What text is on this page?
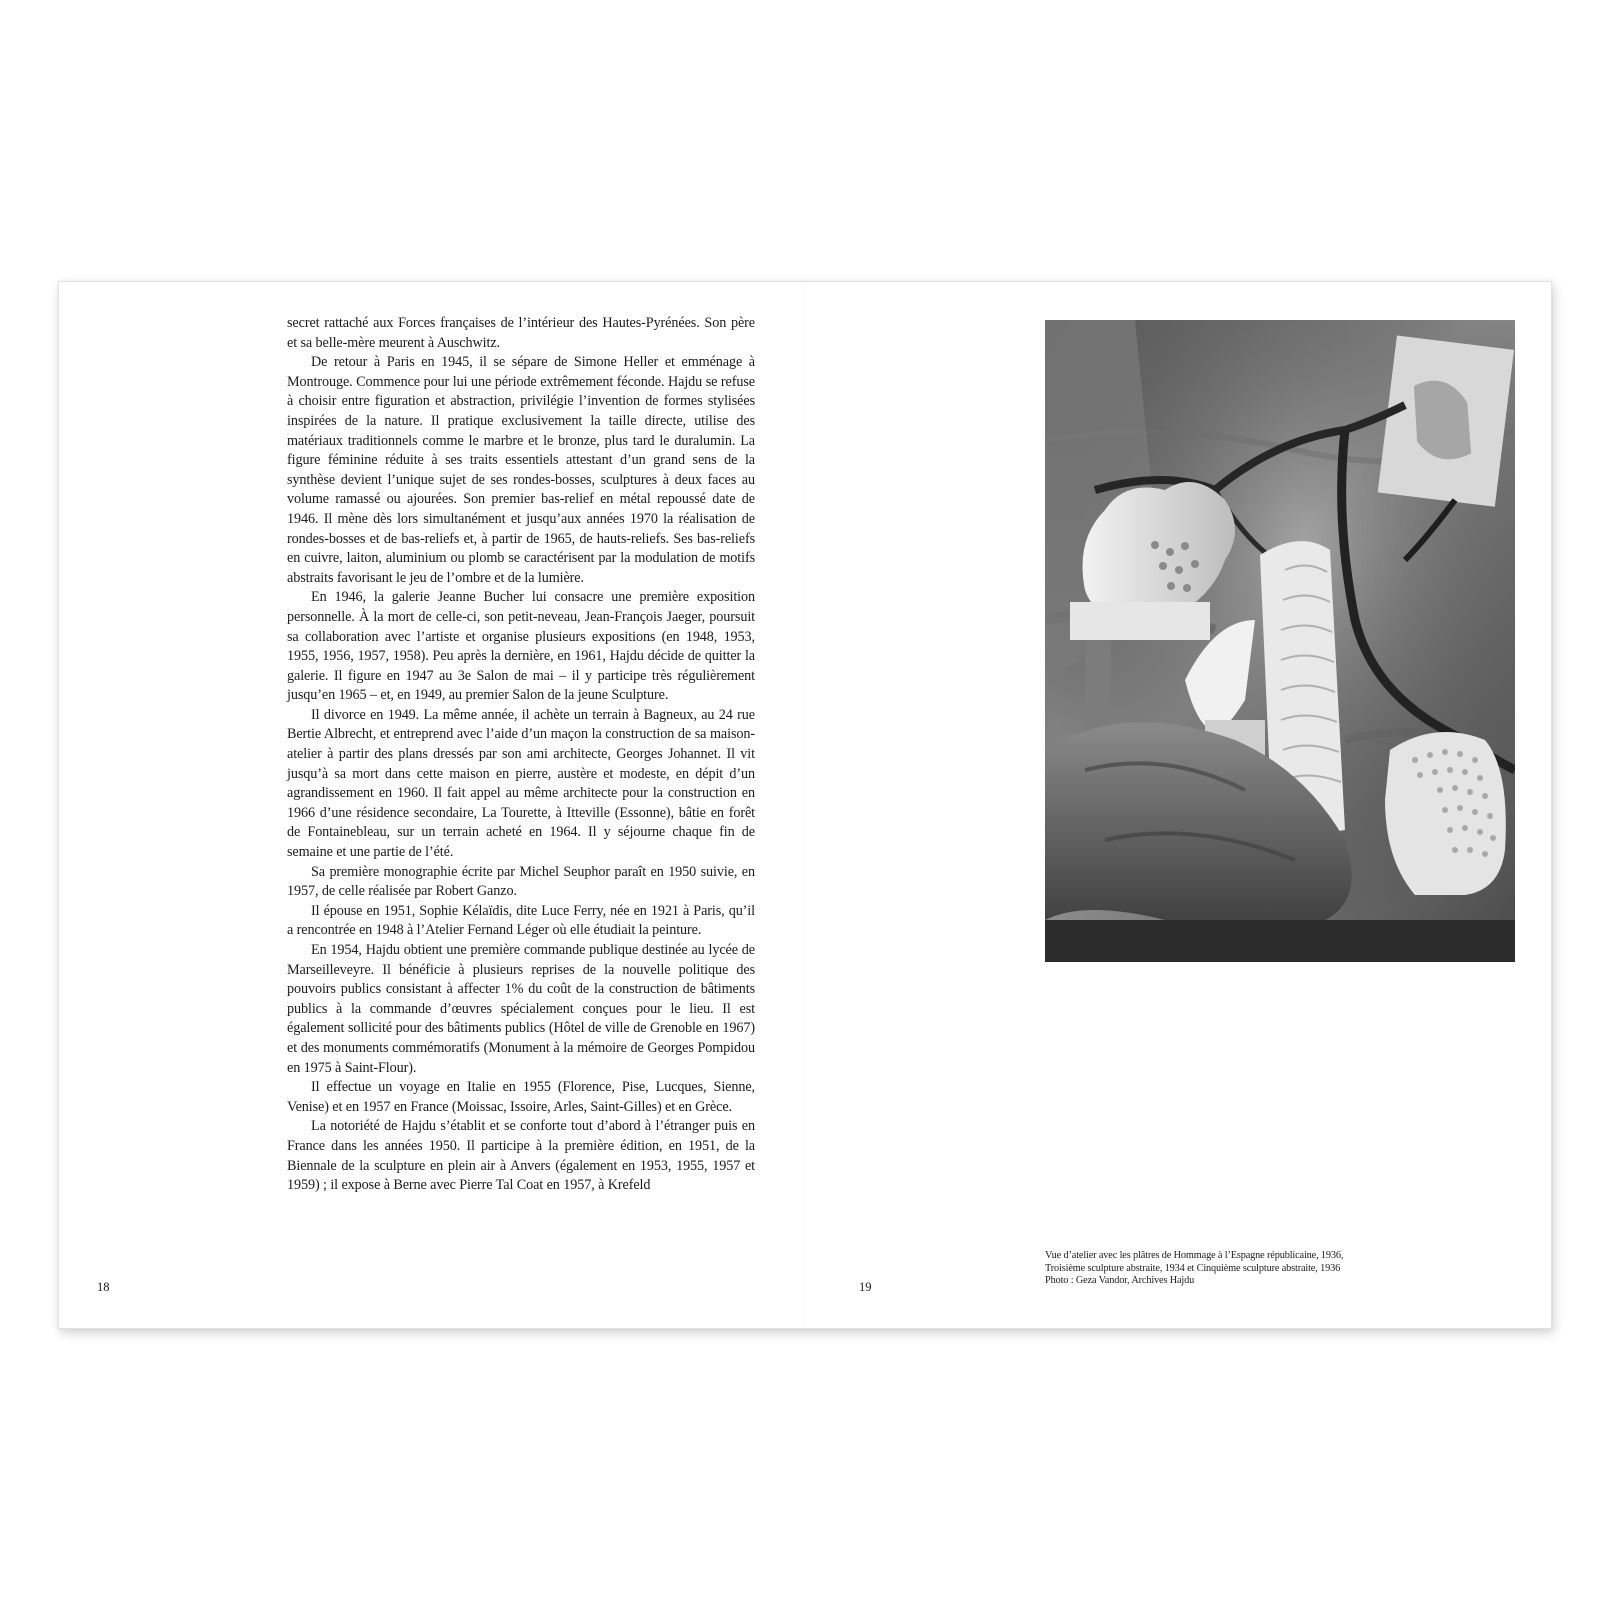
secret rattaché aux Forces françaises de l’intérieur des Hautes-Pyrénées. Son père et sa belle-mère meurent à Auschwitz.

De retour à Paris en 1945, il se sépare de Simone Heller et emménage à Montrouge. Commence pour lui une période extrêmement féconde. Hajdu se refuse à choisir entre figuration et abstraction, privilégie l’invention de formes stylisées inspirées de la nature. Il pratique exclusivement la taille directe, utilise des matériaux traditionnels comme le marbre et le bronze, plus tard le duralumin. La figure féminine réduite à ses traits essentiels attestant d’un grand sens de la synthèse devient l’unique sujet de ses rondes-bosses, sculptures à deux faces au volume ramassé ou ajourées. Son premier bas-relief en métal repoussé date de 1946. Il mène dès lors simultanément et jusqu’aux années 1970 la réalisation de rondes-bosses et de bas-reliefs et, à partir de 1965, de hauts-reliefs. Ses bas-reliefs en cuivre, laiton, aluminium ou plomb se caractérisent par la modulation de motifs abstraits favorisant le jeu de l’ombre et de la lumière.

En 1946, la galerie Jeanne Bucher lui consacre une première exposition personnelle. À la mort de celle-ci, son petit-neveau, Jean-François Jaeger, poursuit sa collaboration avec l’artiste et organise plusieurs expositions (en 1948, 1953, 1955, 1956, 1957, 1958). Peu après la dernière, en 1961, Hajdu décide de quitter la galerie. Il figure en 1947 au 3e Salon de mai – il y participe très régulièrement jusqu’en 1965 – et, en 1949, au premier Salon de la jeune Sculpture.

Il divorce en 1949. La même année, il achète un terrain à Bagneux, au 24 rue Bertie Albrecht, et entreprend avec l’aide d’un maçon la construction de sa maison-atelier à partir des plans dressés par son ami architecte, Georges Johannet. Il vit jusqu’à sa mort dans cette maison en pierre, austère et modeste, en dépit d’un agrandissement en 1960. Il fait appel au même architecte pour la construction en 1966 d’une résidence secondaire, La Tourette, à Itteville (Essonne), bâtie en forêt de Fontainebleau, sur un terrain acheté en 1964. Il y séjourne chaque fin de semaine et une partie de l’été.

Sa première monographie écrite par Michel Seuphor paraît en 1950 suivie, en 1957, de celle réalisée par Robert Ganzo.

Il épouse en 1951, Sophie Kélaïdis, dite Luce Ferry, née en 1921 à Paris, qu’il a rencontrée en 1948 à l’Atelier Fernand Léger où elle étudiait la peinture.

En 1954, Hajdu obtient une première commande publique destinée au lycée de Marseilleveyre. Il bénéficie à plusieurs reprises de la nouvelle politique des pouvoirs publics consistant à affecter 1% du coût de la construction de bâtiments publics à la commande d’œuvres spécialement conçues pour le lieu. Il est également sollicité pour des bâtiments publics (Hôtel de ville de Grenoble en 1967) et des monuments commémoratifs (Monument à la mémoire de Georges Pompidou en 1975 à Saint-Flour).

Il effectue un voyage en Italie en 1955 (Florence, Pise, Lucques, Sienne, Venise) et en 1957 en France (Moissac, Issoire, Arles, Saint-Gilles) et en Grèce.

La notoriété de Hajdu s’établit et se conforte tout d’abord à l’étranger puis en France dans les années 1950. Il participe à la première édition, en 1951, de la Biennale de la sculpture en plein air à Anvers (également en 1953, 1955, 1957 et 1959) ; il expose à Berne avec Pierre Tal Coat en 1957, à Krefeld

18	19
Vue d’atelier avec les plâtres de Hommage à l’Espagne républicaine, 1936,
Troisième sculpture abstraite, 1934 et Cinquième sculpture abstraite, 1936
Photo : Geza Vandor, Archives Hajdu
